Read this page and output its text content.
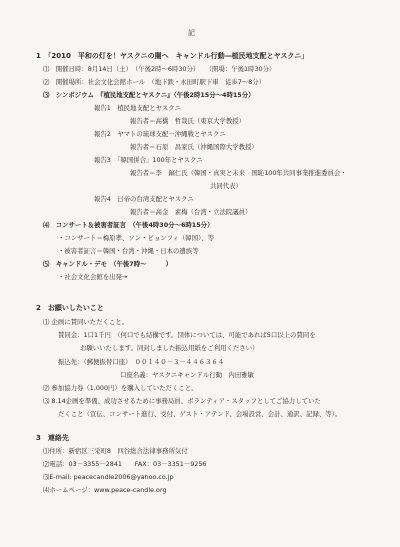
記
1　「2010　平和の灯を！ヤスクニの闇へ　キャンドル行動―植民地支配とヤスクニ」
⑴　開催日時：8月14日（土）　（午後2時～6時30分）　　（開場：午後1時30分）
⑵　開催場所：社会文化会館ホール　（地下鉄・永田町駅下車　徒歩7～8分）
⑶　シンポジウム　『植民地支配とヤスクニ』（午後2時15分～4時15分）
報告1　植民地支配とヤスクニ
報告者＝高橋　哲哉氏（東京大学教授）
報告2　ヤマトの琉球支配－沖縄戦とヤスクニ
報告者＝石原　昌家氏（沖縄国際大学教授）
報告3　「韓国併合」100年とヤスクニ
報告者＝李　鎬仁氏（韓国・真実と未来　国恥100年共同事業推進委員会・
共同代表）
報告4　日帝の台湾支配とヤスクニ
報告者＝高金　素梅（台湾・立法院議員）
⑷　コンサート＆被害者証言　（午後4時30分～6時15分）
・コンサート＝梅原孝、ソン・ビョンフィ（韓国）、等
・被害者証言＝韓国・台湾・沖縄・日本の遺族等
⑸　キャンドル・デモ　（午後7時～　　　）
・社会文化会館を出発→
2　お願いしたいこと
⑴ 企画に賛同いただくこと。
賛同金：1口1千円　（何口でも結構です。団体については、可能であれば5口以上の賛同を
お願いいたします。同封しました振込用紙をご利用ください）
振込先：（郵便振替口座）　００１４０－３－４４６３６４
口座名義：ヤスクニキャンドル行動　内田雅敏
⑵ 参加協力券（1,000円）を購入していただくこと。
⑶ 8.14企画を準備、成功させるために事務局員、ボランティア・スタッフとしてご協力していた
だくこと（宣伝、コンサート進行、受付、ゲスト・アテンド、会場設営、会計、通訳、記録、等）。
3　連絡先
⑴住所：新宿区三栄町8　四谷総合法律事務所気付
⑵電話：03－3355－2841　　FAX：03－3351－9256
⑶E-mail: peacecandle2006@yahoo.co.jp
⑷ホームページ：www.peace-candle.org
